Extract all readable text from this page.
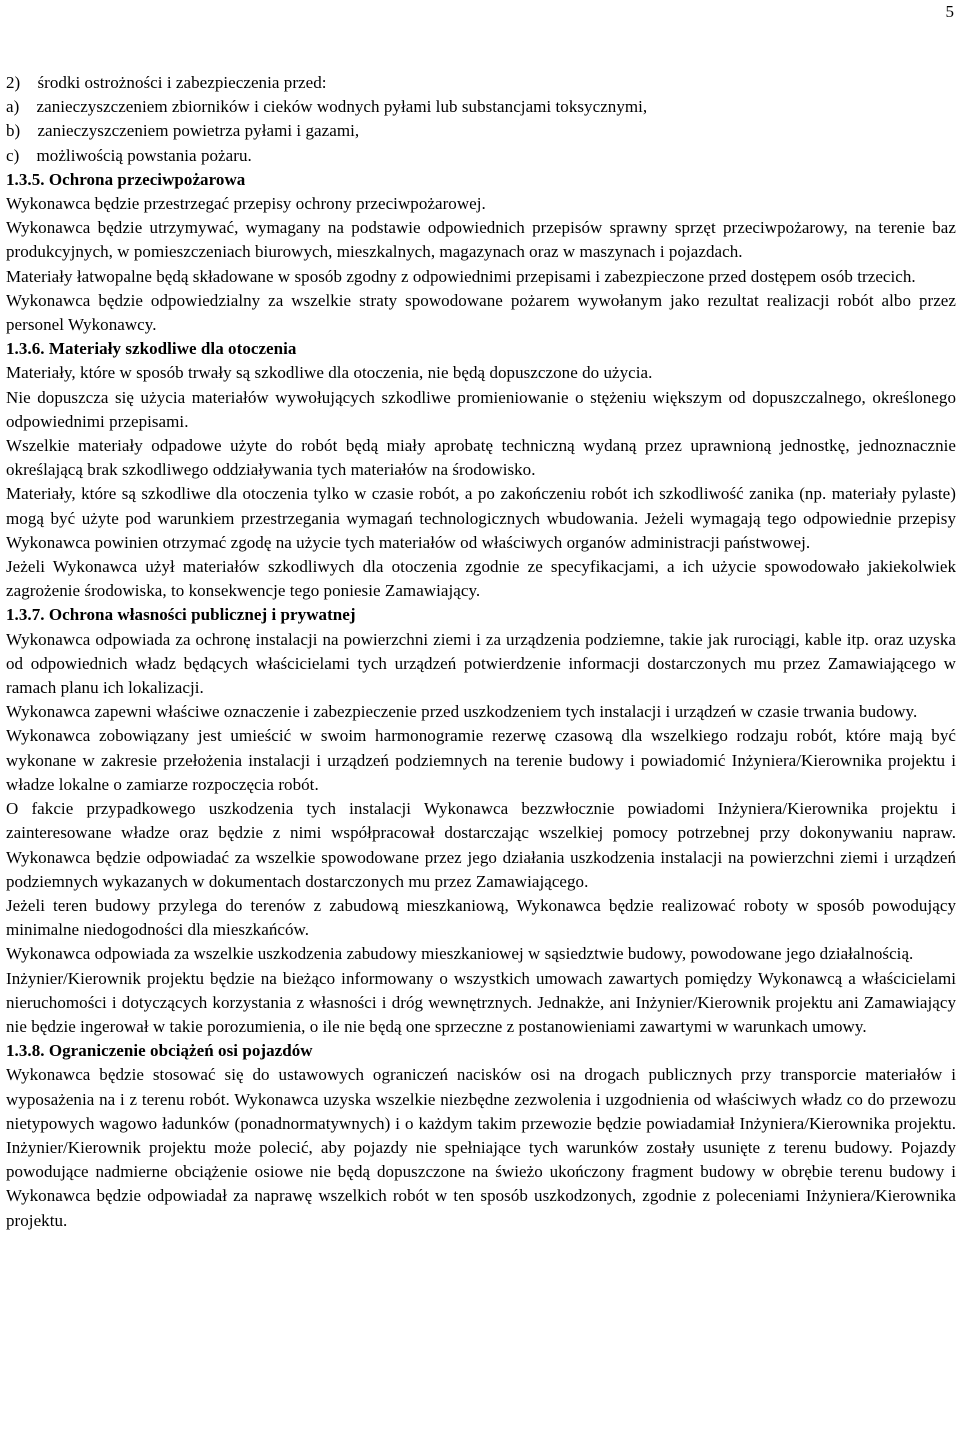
5

2)    środki ostrożności i zabezpieczenia przed:

a)    zanieczyszczeniem zbiorników i cieków wodnych pyłami lub substancjami toksycznymi,

b)    zanieczyszczeniem powietrza pyłami i gazami,

c)    możliwością powstania pożaru.

1.3.5. Ochrona przeciwpożarowa

Wykonawca będzie przestrzegać przepisy ochrony przeciwpożarowej.

Wykonawca będzie utrzymywać, wymagany na podstawie odpowiednich przepisów sprawny sprzęt przeciwpożarowy, na terenie baz produkcyjnych, w pomieszczeniach biurowych, mieszkalnych, magazynach oraz w maszynach i pojazdach.

Materiały łatwopalne będą składowane w sposób zgodny z odpowiednimi przepisami i zabezpieczone przed dostępem osób trzecich.

Wykonawca będzie odpowiedzialny za wszelkie straty spowodowane pożarem wywołanym jako rezultat realizacji robót albo przez personel Wykonawcy.

1.3.6. Materiały szkodliwe dla otoczenia

Materiały, które w sposób trwały są szkodliwe dla otoczenia, nie będą dopuszczone do użycia.

Nie dopuszcza się użycia materiałów wywołujących szkodliwe promieniowanie o stężeniu większym od dopuszczalnego, określonego odpowiednimi przepisami.

Wszelkie materiały odpadowe użyte do robót będą miały aprobatę techniczną wydaną przez uprawnioną jednostkę, jednoznacznie określającą brak szkodliwego oddziaływania tych materiałów na środowisko.

Materiały, które są szkodliwe dla otoczenia tylko w czasie robót, a po zakończeniu robót ich szkodliwość zanika (np. materiały pylaste) mogą być użyte pod warunkiem przestrzegania wymagań technologicznych wbudowania. Jeżeli wymagają tego odpowiednie przepisy Wykonawca powinien otrzymać zgodę na użycie tych materiałów od właściwych organów administracji państwowej.

Jeżeli Wykonawca użył materiałów szkodliwych dla otoczenia zgodnie ze specyfikacjami, a ich użycie spowodowało jakiekolwiek zagrożenie środowiska, to konsekwencje tego poniesie Zamawiający.

1.3.7. Ochrona własności publicznej i prywatnej

Wykonawca odpowiada za ochronę instalacji na powierzchni ziemi i za urządzenia podziemne, takie jak rurociągi, kable itp. oraz uzyska od odpowiednich władz będących właścicielami tych urządzeń potwierdzenie informacji dostarczonych mu przez Zamawiającego w ramach planu ich lokalizacji.

Wykonawca zapewni właściwe oznaczenie i zabezpieczenie przed uszkodzeniem tych instalacji i urządzeń w czasie trwania budowy.

Wykonawca zobowiązany jest umieścić w swoim harmonogramie rezerwę czasową dla wszelkiego rodzaju robót, które mają być wykonane w zakresie przełożenia instalacji i urządzeń podziemnych na terenie budowy i powiadomić Inżyniera/Kierownika projektu i władze lokalne o zamiarze rozpoczęcia robót.

O fakcie przypadkowego uszkodzenia tych instalacji Wykonawca bezzwłocznie powiadomi Inżyniera/Kierownika projektu i zainteresowane władze oraz będzie z nimi współpracował dostarczając wszelkiej pomocy potrzebnej przy dokonywaniu napraw. Wykonawca będzie odpowiadać za wszelkie spowodowane przez jego działania uszkodzenia instalacji na powierzchni ziemi i urządzeń podziemnych wykazanych w dokumentach dostarczonych mu przez Zamawiającego.

Jeżeli teren budowy przylega do terenów z zabudową mieszkaniową, Wykonawca będzie realizować roboty w sposób powodujący minimalne niedogodności dla mieszkańców.

Wykonawca odpowiada za wszelkie uszkodzenia zabudowy mieszkaniowej w sąsiedztwie budowy, powodowane jego działalnością.

Inżynier/Kierownik projektu będzie na bieżąco informowany o wszystkich umowach zawartych pomiędzy Wykonawcą a właścicielami nieruchomości i dotyczących korzystania z własności i dróg wewnętrznych. Jednakże, ani Inżynier/Kierownik projektu ani Zamawiający nie będzie ingerował w takie porozumienia, o ile nie będą one sprzeczne z postanowieniami zawartymi w warunkach umowy.

1.3.8. Ograniczenie obciążeń osi pojazdów

Wykonawca będzie stosować się do ustawowych ograniczeń nacisków osi na drogach publicznych przy transporcie materiałów i wyposażenia na i z terenu robót. Wykonawca uzyska wszelkie niezbędne zezwolenia i uzgodnienia od właściwych władz co do przewozu nietypowych wagowo ładunków (ponadnormatywnych) i o każdym takim przewozie będzie powiadamiał Inżyniera/Kierownika projektu. Inżynier/Kierownik projektu może polecić, aby pojazdy nie spełniające tych warunków zostały usunięte z terenu budowy. Pojazdy powodujące nadmierne obciążenie osiowe nie będą dopuszczone na świeżo ukończony fragment budowy w obrębie terenu budowy i Wykonawca będzie odpowiadał za naprawę wszelkich robót w ten sposób uszkodzonych, zgodnie z poleceniami Inżyniera/Kierownika projektu.
